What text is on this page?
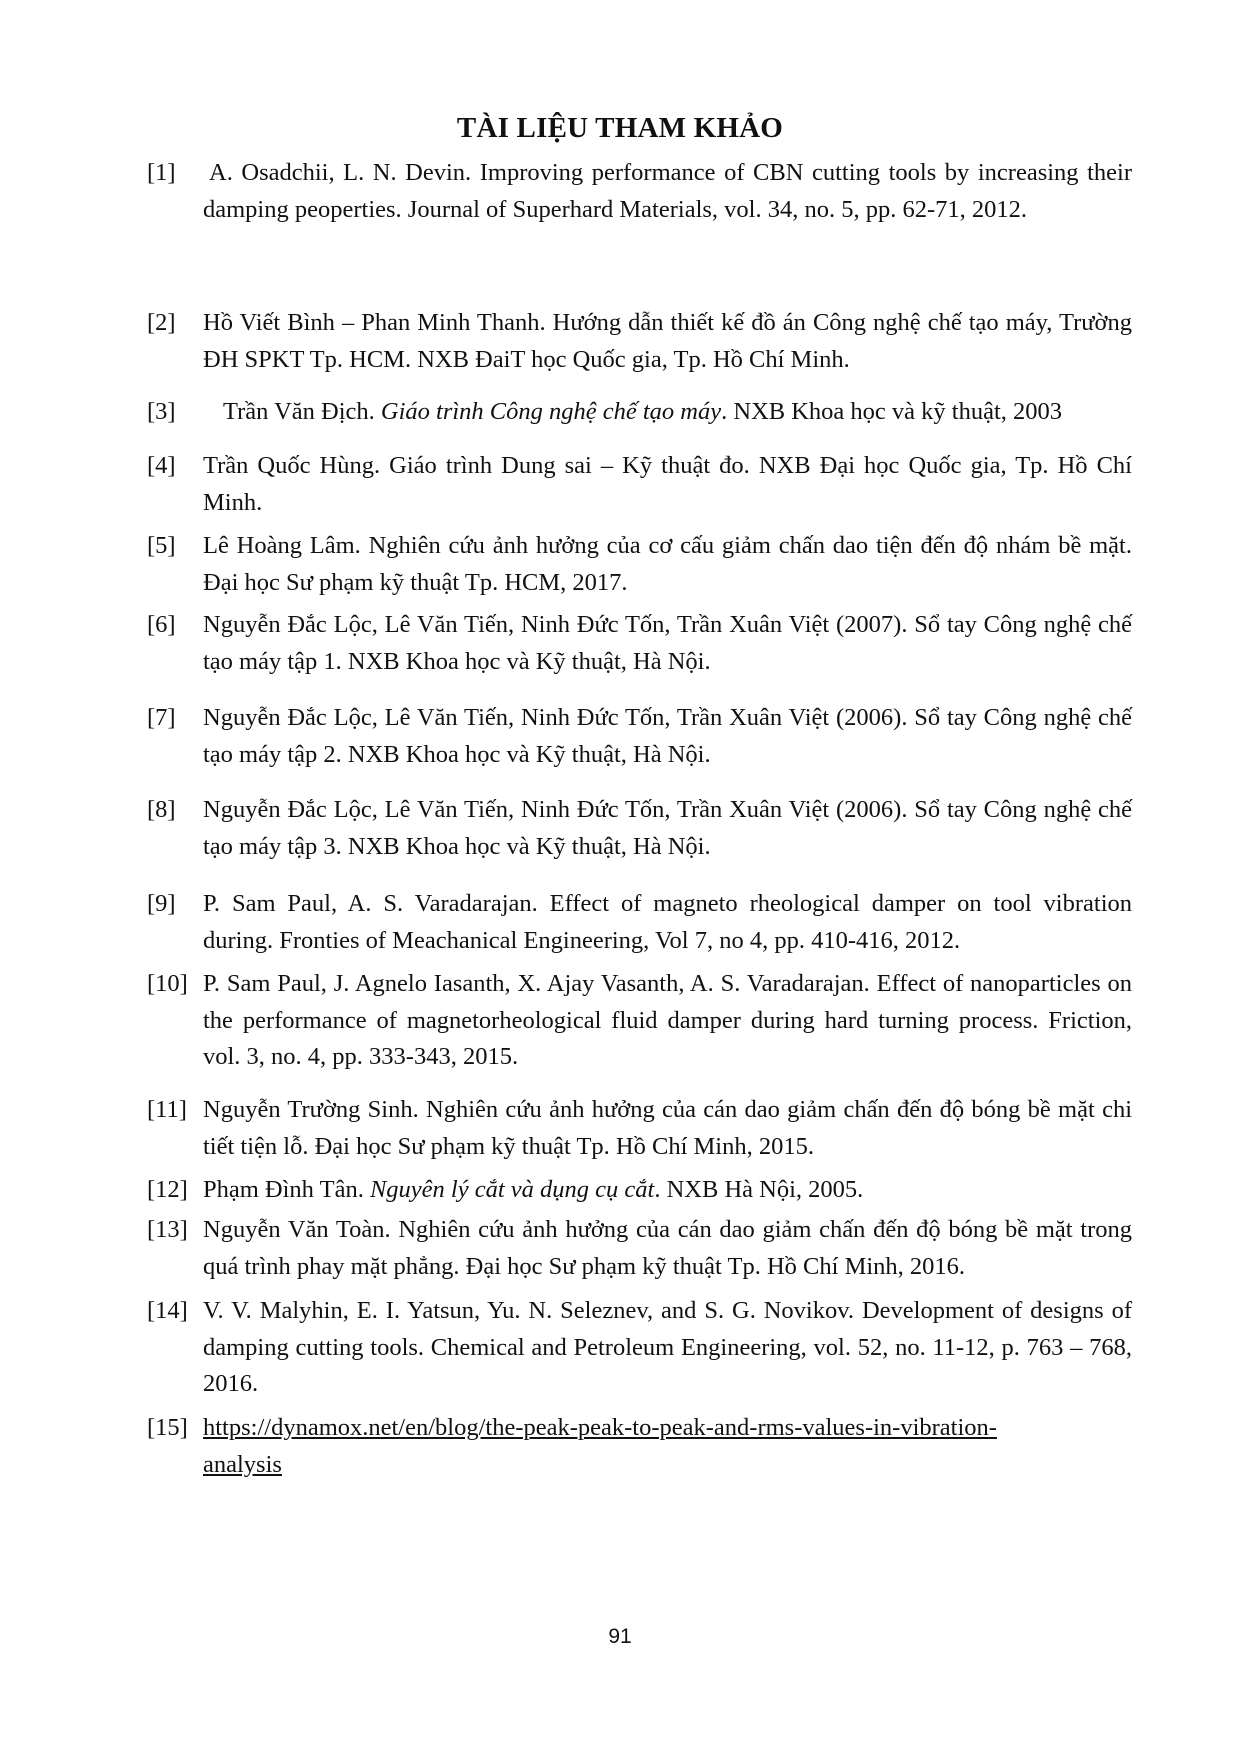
TÀI LIỆU THAM KHẢO
[1] A. Osadchii, L. N. Devin. Improving performance of CBN cutting tools by increasing their damping peoperties. Journal of Superhard Materials, vol. 34, no. 5, pp. 62-71, 2012.
[2] Hồ Viết Bình – Phan Minh Thanh. Hướng dẫn thiết kế đồ án Công nghệ chế tạo máy, Trường ĐH SPKT Tp. HCM. NXB ĐaiT học Quốc gia, Tp. Hồ Chí Minh.
[3]	Trần Văn Địch. Giáo trình Công nghệ chế tạo máy. NXB Khoa học và kỹ thuật, 2003
[4] Trần Quốc Hùng. Giáo trình Dung sai – Kỹ thuật đo. NXB Đại học Quốc gia, Tp. Hồ Chí Minh.
[5] Lê Hoàng Lâm. Nghiên cứu ảnh hưởng của cơ cấu giảm chấn dao tiện đến độ nhám bề mặt. Đại học Sư phạm kỹ thuật Tp. HCM, 2017.
[6] Nguyễn Đắc Lộc, Lê Văn Tiến, Ninh Đức Tốn, Trần Xuân Việt (2007). Sổ tay Công nghệ chế tạo máy tập 1. NXB Khoa học và Kỹ thuật, Hà Nội.
[7] Nguyễn Đắc Lộc, Lê Văn Tiến, Ninh Đức Tốn, Trần Xuân Việt (2006). Sổ tay Công nghệ chế tạo máy tập 2. NXB Khoa học và Kỹ thuật, Hà Nội.
[8] Nguyễn Đắc Lộc, Lê Văn Tiến, Ninh Đức Tốn, Trần Xuân Việt (2006). Sổ tay Công nghệ chế tạo máy tập 3. NXB Khoa học và Kỹ thuật, Hà Nội.
[9] P. Sam Paul, A. S. Varadarajan. Effect of magneto rheological damper on tool vibration during. Fronties of Meachanical Engineering, Vol 7, no 4, pp. 410-416, 2012.
[10] P. Sam Paul, J. Agnelo Iasanth, X. Ajay Vasanth, A. S. Varadarajan. Effect of nanoparticles on the performance of magnetorheological fluid damper during hard turning process. Friction, vol. 3, no. 4, pp. 333-343, 2015.
[11] Nguyễn Trường Sinh. Nghiên cứu ảnh hưởng của cán dao giảm chấn đến độ bóng bề mặt chi tiết tiện lỗ. Đại học Sư phạm kỹ thuật Tp. Hồ Chí Minh, 2015.
[12] Phạm Đình Tân. Nguyên lý cắt và dụng cụ cắt. NXB Hà Nội, 2005.
[13] Nguyễn Văn Toàn. Nghiên cứu ảnh hưởng của cán dao giảm chấn đến độ bóng bề mặt trong quá trình phay mặt phẳng. Đại học Sư phạm kỹ thuật Tp. Hồ Chí Minh, 2016.
[14] V. V. Malyhin, E. I. Yatsun, Yu. N. Seleznev, and S. G. Novikov. Development of designs of damping cutting tools. Chemical and Petroleum Engineering, vol. 52, no. 11-12, p. 763 – 768, 2016.
[15] https://dynamox.net/en/blog/the-peak-peak-to-peak-and-rms-values-in-vibration-
analysis
91
